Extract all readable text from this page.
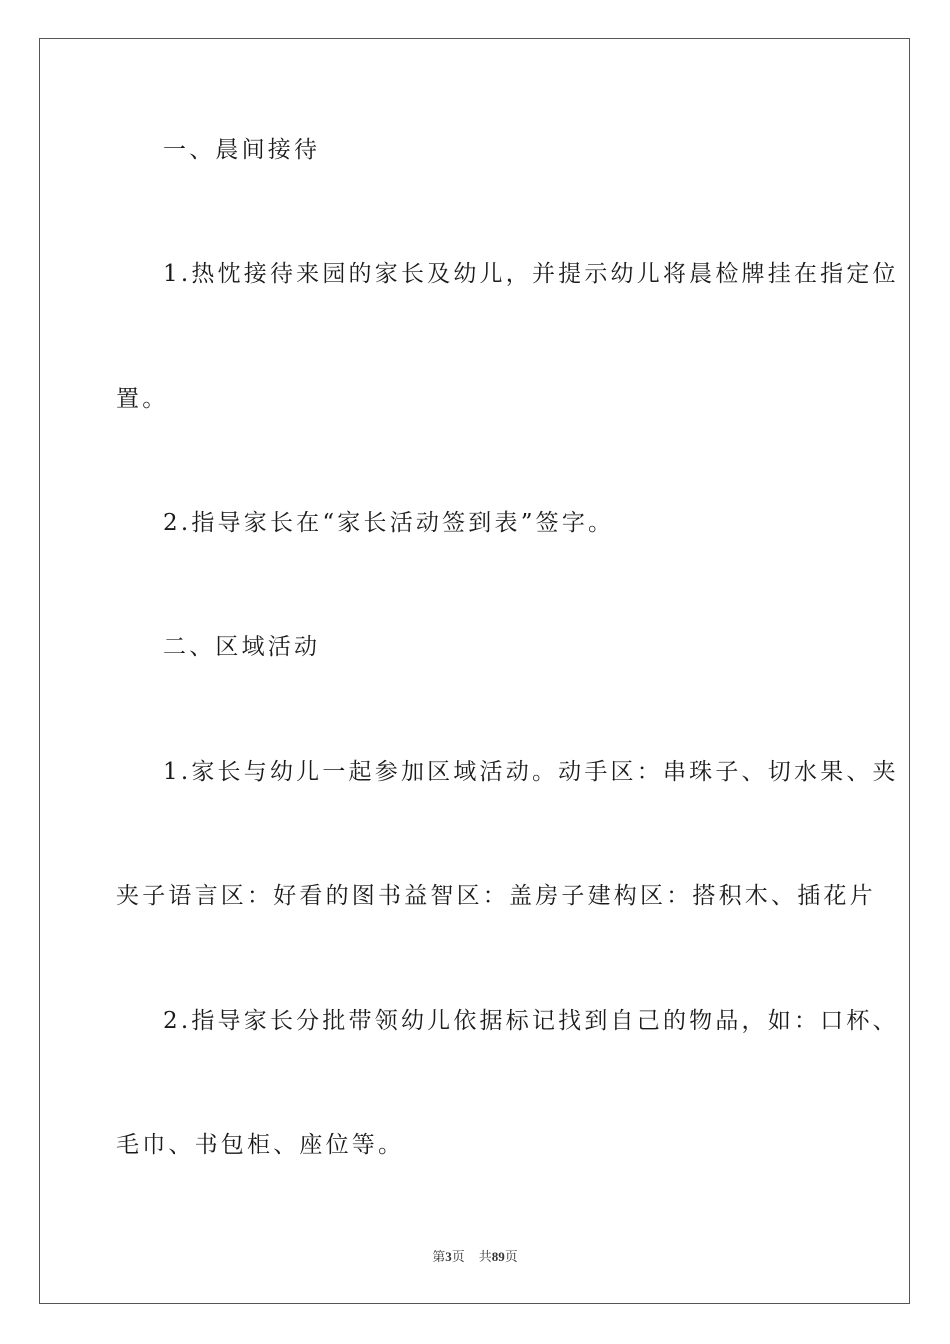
一、晨间接待
1.热忱接待来园的家长及幼儿，并提示幼儿将晨检牌挂在指定位
置。
2.指导家长在“家长活动签到表”签字。
二、区域活动
1.家长与幼儿一起参加区域活动。动手区：串珠子、切水果、夹
夹子语言区：好看的图书益智区：盖房子建构区：搭积木、插花片
2.指导家长分批带领幼儿依据标记找到自己的物品，如：口杯、
毛巾、书包柜、座位等。
第3页 共89页
